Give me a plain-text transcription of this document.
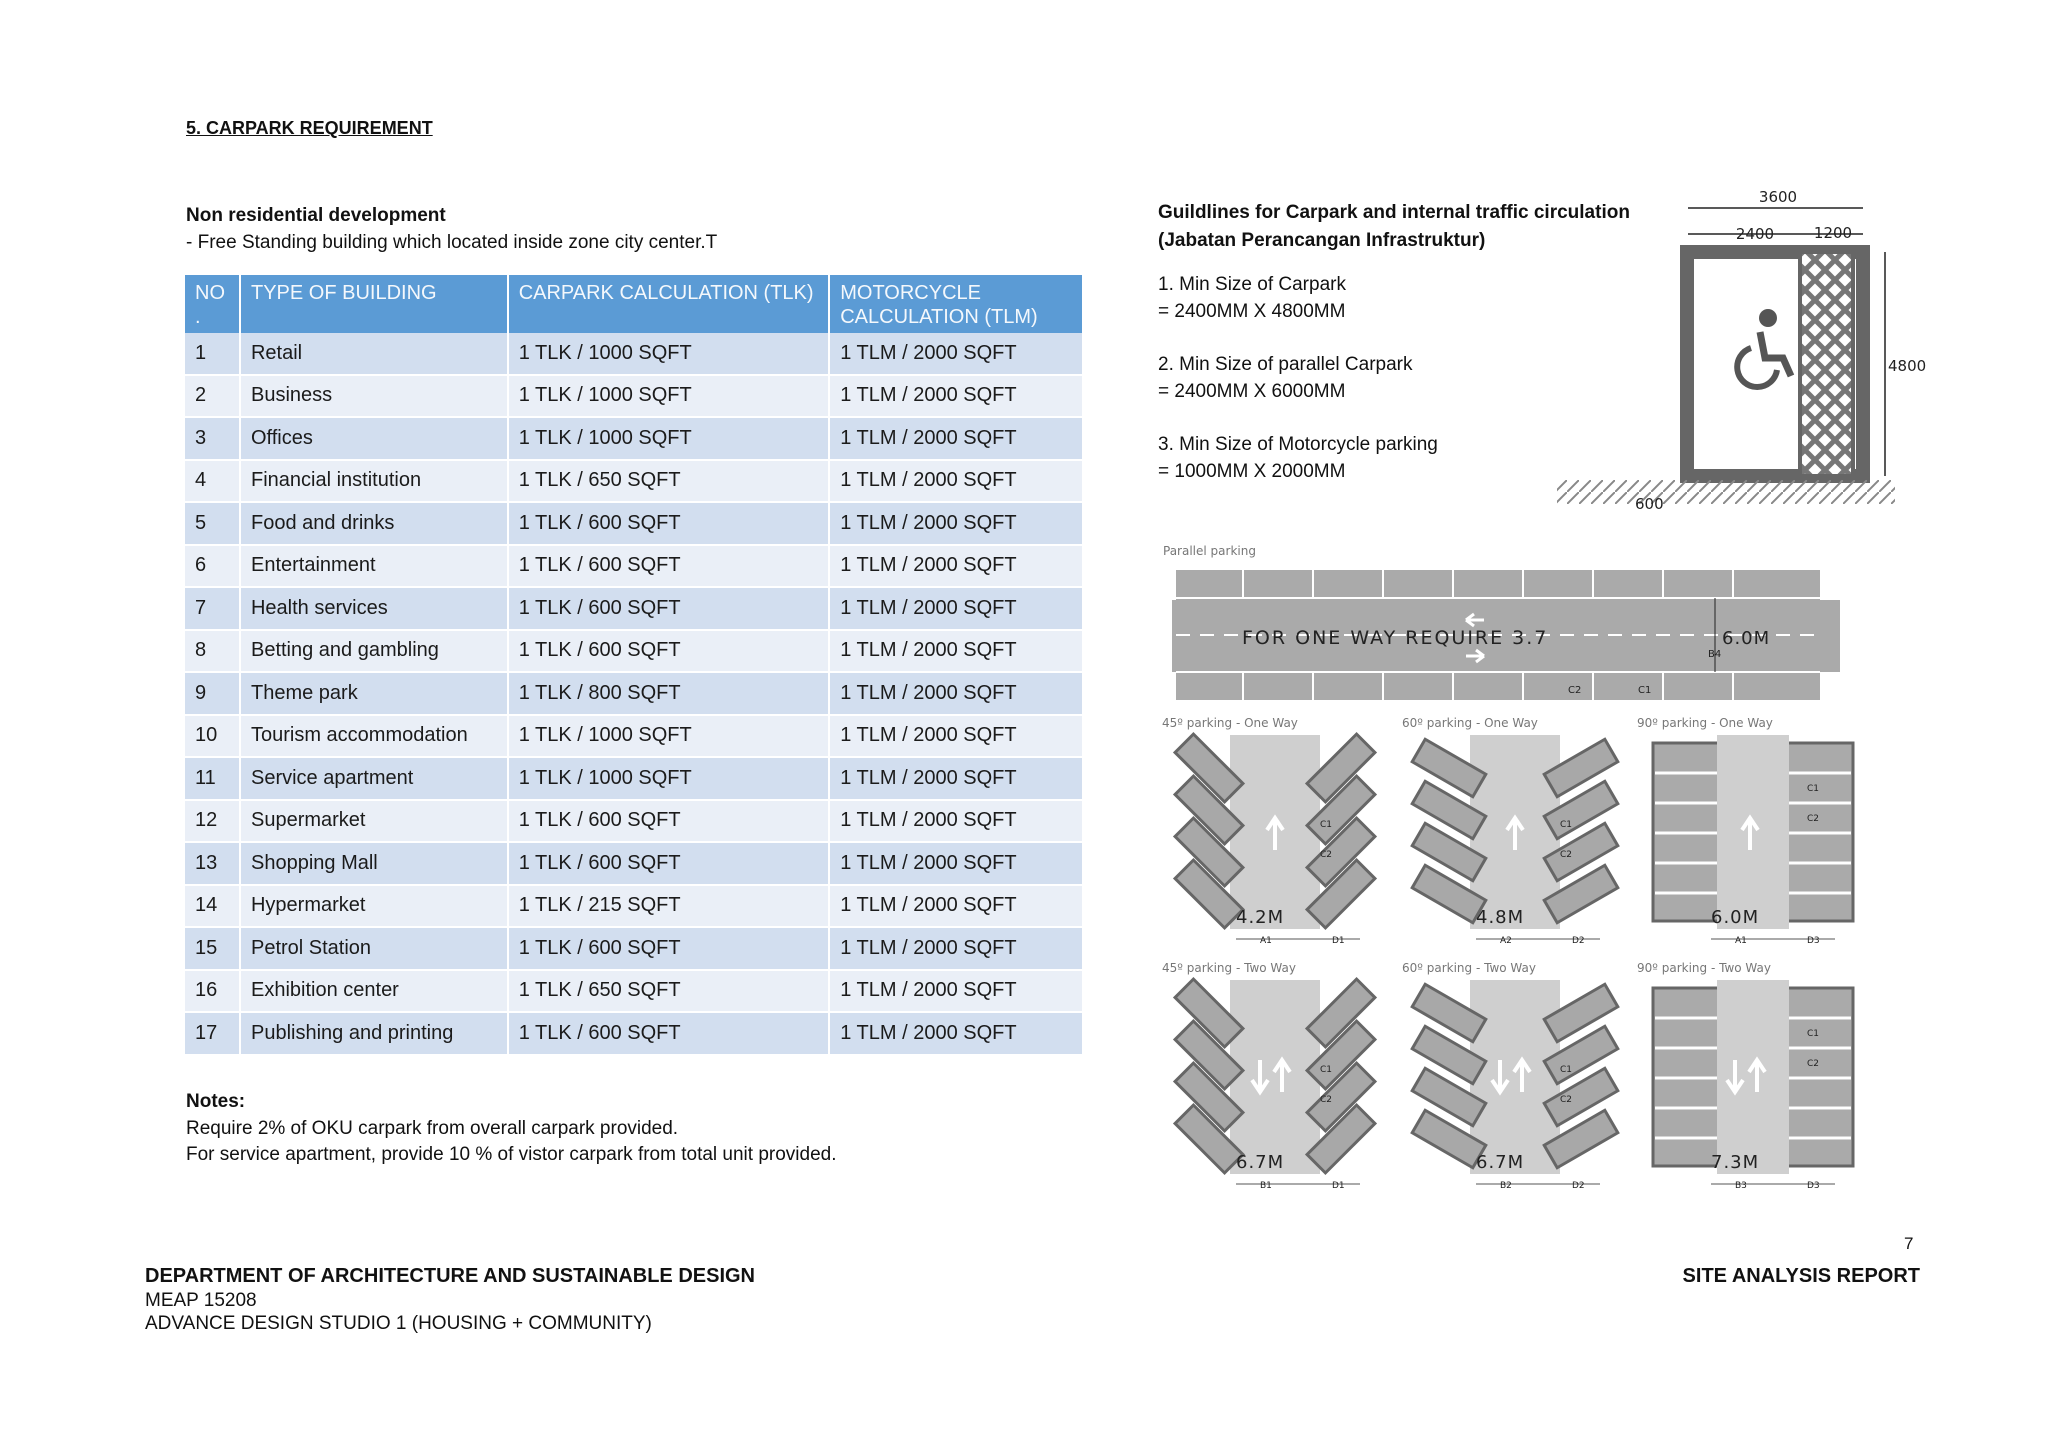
5. CARPARK REQUIREMENT
Non residential development
- Free Standing building which located inside zone city center.T
NO
.	TYPE OF BUILDING	CARPARK CALCULATION (TLK)	MOTORCYCLE CALCULATION (TLM)
1	Retail	1 TLK / 1000 SQFT	1 TLM / 2000 SQFT
2	Business	1 TLK / 1000 SQFT	1 TLM / 2000 SQFT
3	Offices	1 TLK / 1000 SQFT	1 TLM / 2000 SQFT
4	Financial institution	1 TLK / 650 SQFT	1 TLM / 2000 SQFT
5	Food and drinks	1 TLK / 600 SQFT	1 TLM / 2000 SQFT
6	Entertainment	1 TLK / 600 SQFT	1 TLM / 2000 SQFT
7	Health services	1 TLK / 600 SQFT	1 TLM / 2000 SQFT
8	Betting and gambling	1 TLK / 600 SQFT	1 TLM / 2000 SQFT
9	Theme park	1 TLK / 800 SQFT	1 TLM / 2000 SQFT
10	Tourism accommodation	1 TLK / 1000 SQFT	1 TLM / 2000 SQFT
11	Service apartment	1 TLK / 1000 SQFT	1 TLM / 2000 SQFT
12	Supermarket	1 TLK / 600 SQFT	1 TLM / 2000 SQFT
13	Shopping Mall	1 TLK / 600 SQFT	1 TLM / 2000 SQFT
14	Hypermarket	1 TLK / 215 SQFT	1 TLM / 2000 SQFT
15	Petrol Station	1 TLK / 600 SQFT	1 TLM / 2000 SQFT
16	Exhibition center	1 TLK / 650 SQFT	1 TLM / 2000 SQFT
17	Publishing and printing	1 TLK / 600 SQFT	1 TLM / 2000 SQFT
Notes:
Require 2% of OKU carpark from overall carpark provided.
For service apartment, provide 10 % of vistor carpark from total unit provided.
Guildlines for Carpark and internal traffic circulation
(Jabatan Perancangan Infrastruktur)
1. Min Size of Carpark
= 2400MM X 4800MM
2. Min Size of parallel Carpark
= 2400MM X 6000MM
3. Min Size of Motorcycle parking
= 1000MM X 2000MM
3600
2400	1200
4800
600
Parallel parking
FOR ONE WAY REQUIRE 3.7	6.0M
B4
C2	C1
45º parking - One Way
C1
C2
4.2M
A1	D1
60º parking - One Way
C1
C2
4.8M
A2	D2
90º parking - One Way
C1
C2
6.0M
A1	D3
45º parking - Two Way
C1
C2
6.7M
B1	D1
60º parking - Two Way
C1
C2
6.7M
B2	D2
90º parking - Two Way
C1
C2
7.3M
B3	D3
7
DEPARTMENT OF ARCHITECTURE AND SUSTAINABLE DESIGN
MEAP 15208
ADVANCE DESIGN STUDIO 1 (HOUSING + COMMUNITY)
SITE ANALYSIS REPORT
